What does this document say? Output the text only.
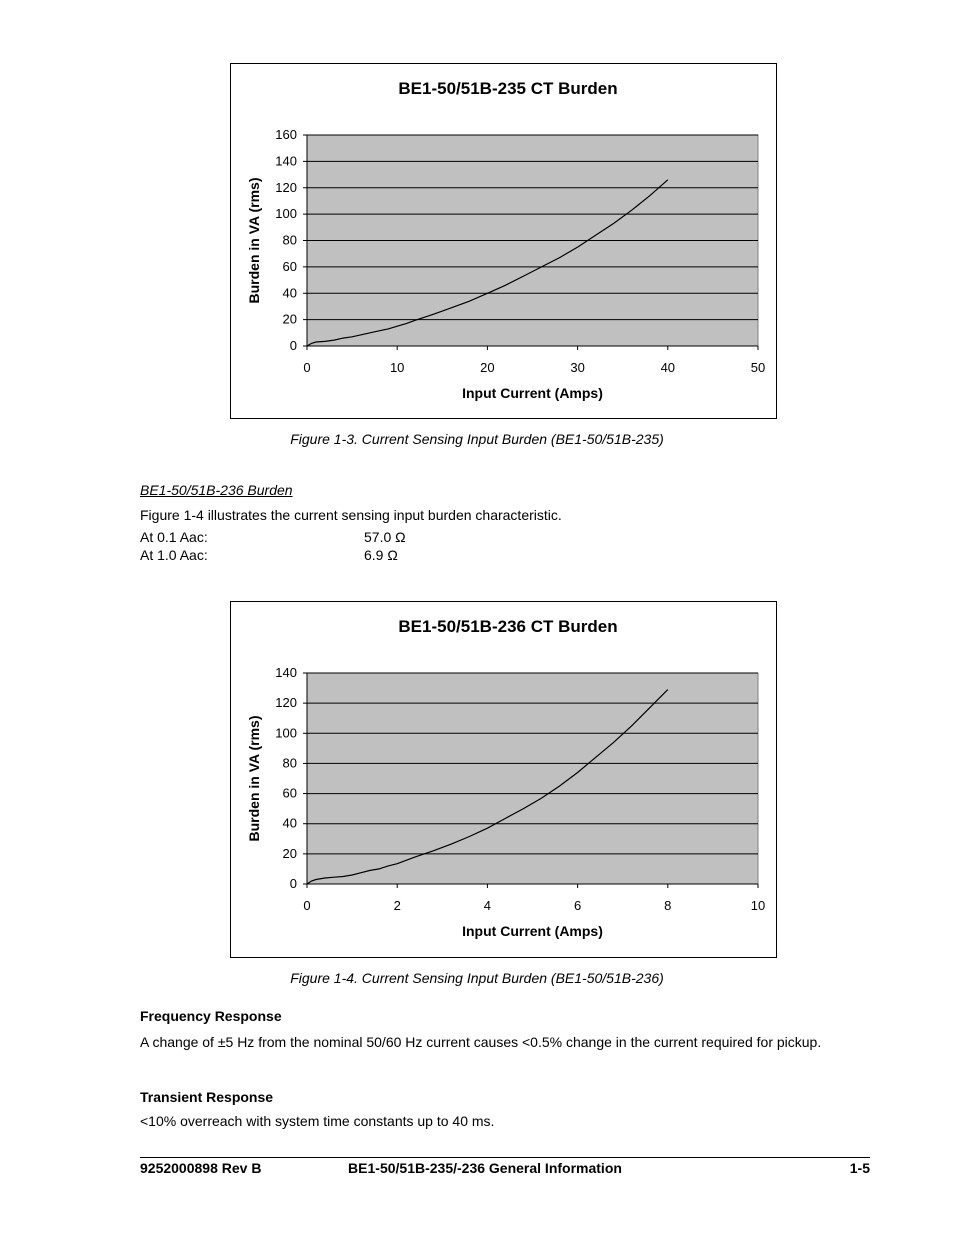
BE1-50/51B-235 CT Burden
0
20
40
60
80
100
120
140
160
0	10	20	30	40	50
Input Current (Amps)
Burden in VA (rms)
Figure 1-3. Current Sensing Input Burden (BE1-50/51B-235)
BE1-50/51B-236 Burden
Figure 1-4 illustrates the current sensing input burden characteristic.
At 0.1 Aac:	57.0 Ω
At 1.0 Aac:	6.9 Ω
BE1-50/51B-236 CT Burden
0
20
40
60
80
100
120
140
0	2	4	6	8	10
Input Current (Amps)
Burden in VA (rms)
Figure 1-4. Current Sensing Input Burden (BE1-50/51B-236)
Frequency Response
A change of ±5 Hz from the nominal 50/60 Hz current causes <0.5% change in the current required for pickup.
Transient Response
<10% overreach with system time constants up to 40 ms.
9252000898 Rev B	BE1-50/51B-235/-236 General Information	1-5
